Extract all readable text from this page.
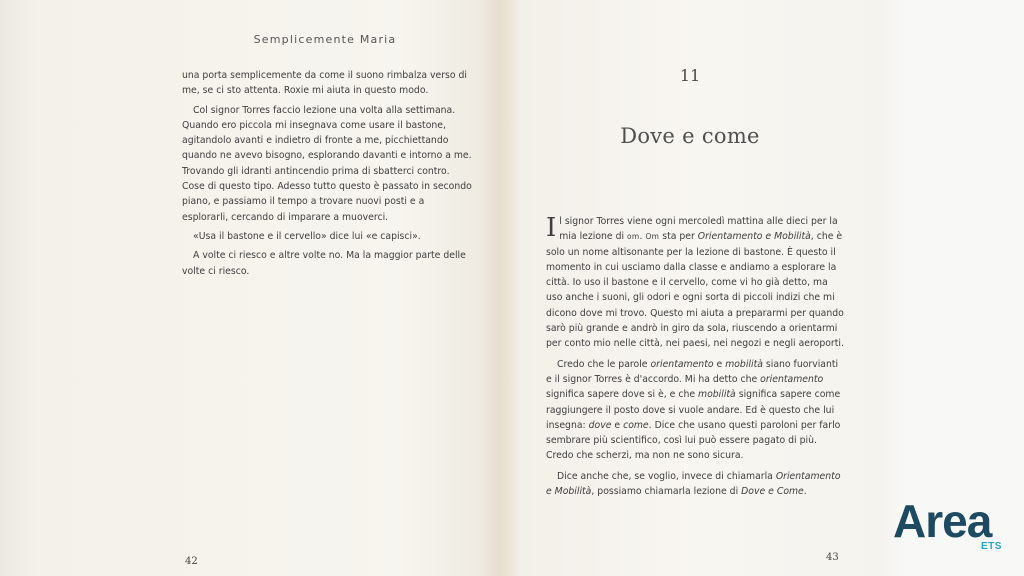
Semplicemente Maria

una porta semplicemente da come il suono rimbalza verso di me, se ci sto attenta. Roxie mi aiuta in questo modo.

Col signor Torres faccio lezione una volta alla settimana. Quando ero piccola mi insegnava come usare il bastone, agitandolo avanti e indietro di fronte a me, picchiettando quando ne avevo bisogno, esplorando davanti e intorno a me. Trovando gli idranti antincendio prima di sbatterci contro. Cose di questo tipo. Adesso tutto questo è passato in secondo piano, e passiamo il tempo a trovare nuovi posti e a esplorarli, cercando di imparare a muoverci.

«Usa il bastone e il cervello» dice lui «e capisci».

A volte ci riesco e altre volte no. Ma la maggior parte delle volte ci riesco.

42
11
Dove e come

Il signor Torres viene ogni mercoledì mattina alle dieci per la mia lezione di om. Om sta per Orientamento e Mobilità, che è solo un nome altisonante per la lezione di bastone. È questo il momento in cui usciamo dalla classe e andiamo a esplorare la città. Io uso il bastone e il cervello, come vi ho già detto, ma uso anche i suoni, gli odori e ogni sorta di piccoli indizi che mi dicono dove mi trovo. Questo mi aiuta a prepararmi per quando sarò più grande e andrò in giro da sola, riuscendo a orientarmi per conto mio nelle città, nei paesi, nei negozi e negli aeroporti.

Credo che le parole orientamento e mobilità siano fuorvianti e il signor Torres è d'accordo. Mi ha detto che orientamento significa sapere dove si è, e che mobilità significa sapere come raggiungere il posto dove si vuole andare. Ed è questo che lui insegna: dove e come. Dice che usano questi paroloni per farlo sembrare più scientifico, così lui può essere pagato di più. Credo che scherzi, ma non ne sono sicura.

Dice anche che, se voglio, invece di chiamarla Orientamento e Mobilità, possiamo chiamarla lezione di Dove e Come.

43
Area
ETS
